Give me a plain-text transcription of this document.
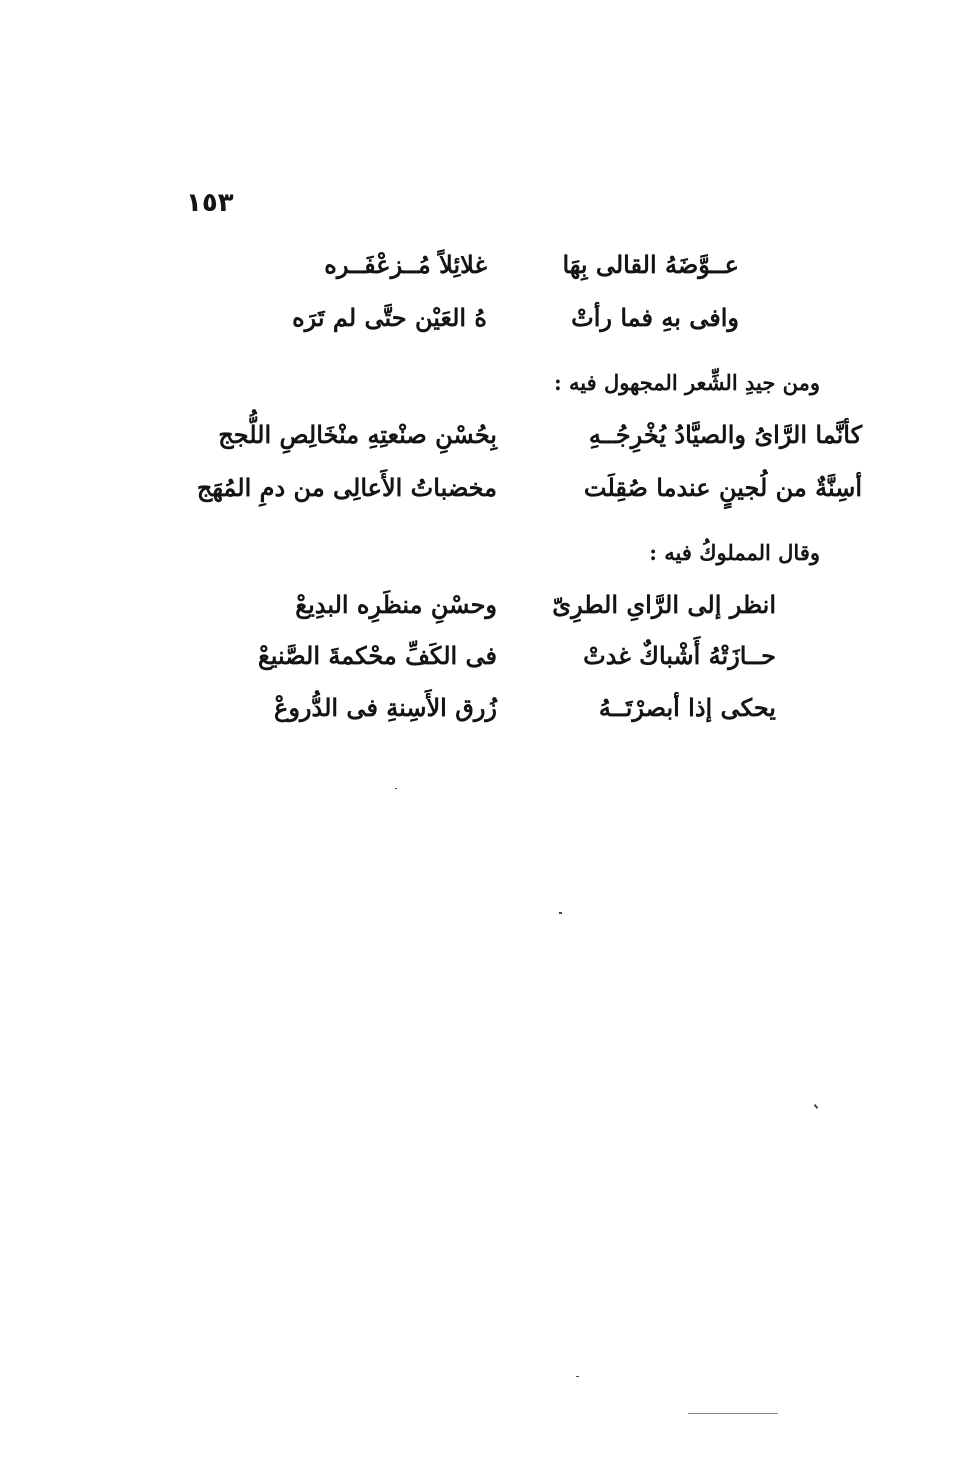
١٥٣
عــوَّضَهُ القالى بِهَا
غلائِلاً مُــزعْفَــره
وافى بهِ فما رأتْ
هُ العَيْن حتَّى لم تَرَه
ومن جيدِ الشِّعر المجهول فيه :
كأنَّما الرَّاىُ والصيَّادُ يُخْرِجُــهِ
بِحُسْنِ صنْعتِهِ منْخَالِصِ اللُّجج
أسِنَّةٌ من لُجينٍ عندما صُقِلَت
مخضباتُ الأَعالِى من دمِ المُهَج
وقال المملوكُ فيه :
انظر إلى الرَّاىِ الطرِىّ
وحسْنِ منظَرِه البدِيعْ
حــازَتْهُ أَشْباكٌ غدتْ
فى الكَفِّ محْكمةَ الصَّنيعْ
يحكى إذا أبصرْتَــهُ
زُرق الأَسِنةِ فى الدُّروعْ
